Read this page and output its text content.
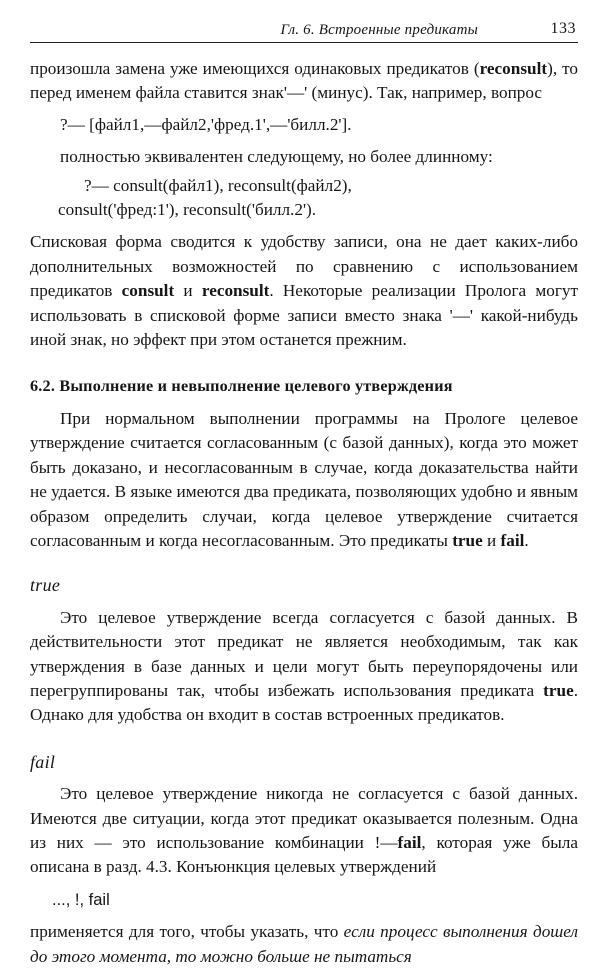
Гл. 6. Встроенные предикаты	133

произошла замена уже имеющихся одинаковых предикатов (reconsult), то перед именем файла ставится знак'—' (минус). Так, например, вопрос

?— [файл1,—файл2,'фред.1',—'билл.2'].
полностью эквивалентен следующему, но более длинному:
?— consult(файл1), reconsult(файл2),
consult('фред:1'), reconsult('билл.2').

Списковая форма сводится к удобству записи, она не дает каких-либо дополнительных возможностей по сравнению с использованием предикатов consult и reconsult. Некоторые реализации Пролога могут использовать в списковой форме записи вместо знака '—' какой-нибудь иной знак, но эффект при этом останется прежним.

6.2. Выполнение и невыполнение целевого утверждения

При нормальном выполнении программы на Прологе целевое утверждение считается согласованным (с базой данных), когда это может быть доказано, и несогласованным в случае, когда доказательства найти не удается. В языке имеются два предиката, позволяющих удобно и явным образом определить случаи, когда целевое утверждение считается согласованным и когда несогласованным. Это предикаты true и fail.

true

Это целевое утверждение всегда согласуется с базой данных. В действительности этот предикат не является необходимым, так как утверждения в базе данных и цели могут быть переупорядочены или перегруппированы так, чтобы избежать использования предиката true. Однако для удобства он входит в состав встроенных предикатов.

fail

Это целевое утверждение никогда не согласуется с базой данных. Имеются две ситуации, когда этот предикат оказывается полезным. Одна из них — это использование комбинации !—fail, которая уже была описана в разд. 4.3. Конъюнкция целевых утверждений

..., !, fail

применяется для того, чтобы указать, что если процесс выполнения дошел до этого момента, то можно больше не пытаться
